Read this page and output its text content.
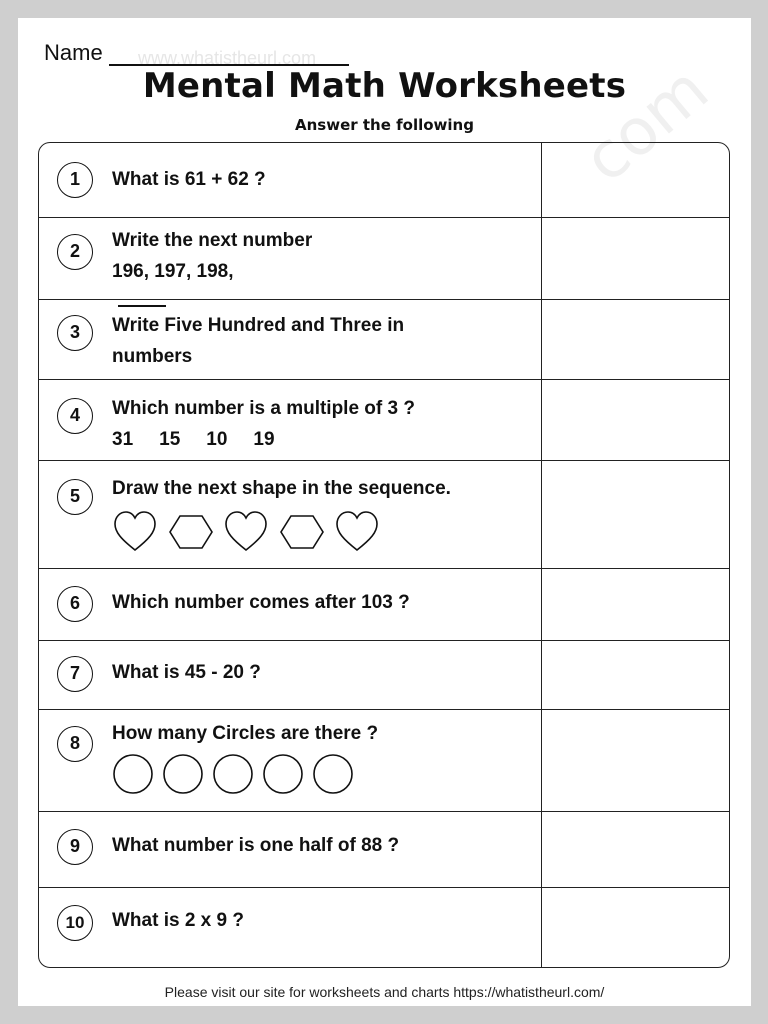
www.whatistheurl.com	com
Name
Mental Math Worksheets
Answer the following
1	What is 61 + 62 ?
2	Write the next number
196, 197, 198,
3	Write Five Hundred and Three in
numbers
4	Which number is a multiple of 3 ?
31 15 10 19
5	Draw the next shape in the sequence.
6	Which number comes after 103 ?
7	What is 45 - 20 ?
8	How many Circles are there ?
9	What number is one half of 88 ?
10	What is 2 x 9 ?
Please visit our site for worksheets and charts https://whatistheurl.com/
